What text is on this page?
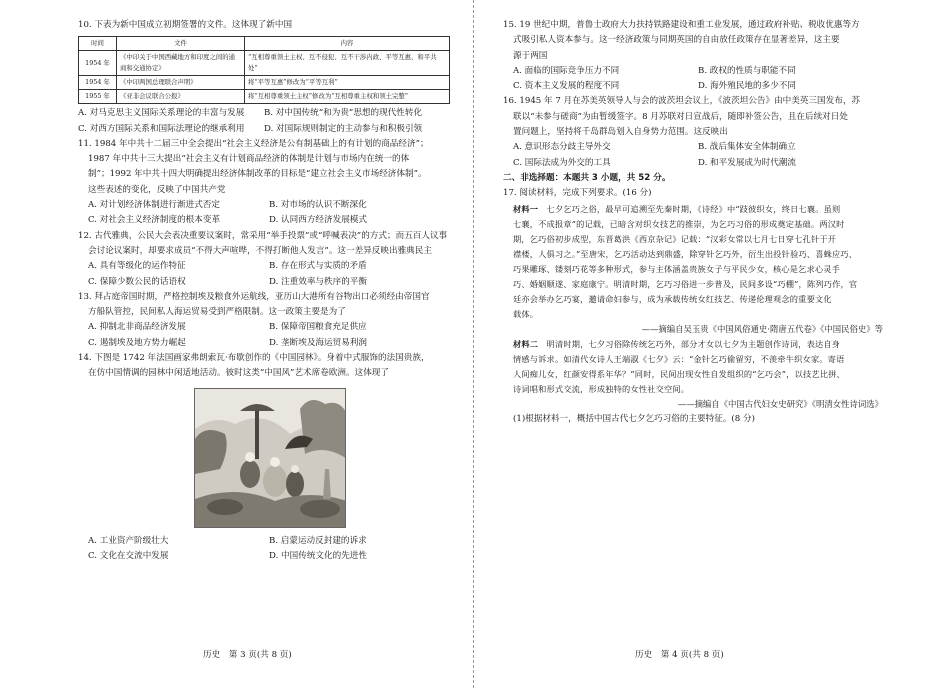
10. 下表为新中国成立初期签署的文件。这体现了新中国
时间	文件	内容
1954 年	《中印关于中国西藏地方和印度之间的通商和交通协定》	“互相尊重领土主权、互不侵犯、互不干涉内政、平等互惠、和平共处”
1954 年	《中印两国总理联合声明》	将“平等互惠”修改为“平等互利”
1955 年	《亚非会议联合公报》	将“互相尊重领土主权”修改为“互相尊重主权和领土完整”
A. 对马克思主义国际关系理论的丰富与发展	B. 对中国传统“和为贵”思想的现代性转化
C. 对西方国际关系和国际法理论的继承利用	D. 对国际规则制定的主动参与和积极引领
11. 1984 年中共十二届三中全会提出“社会主义经济是公有制基础上的有计划的商品经济”；
1987 年中共十三大提出“社会主义有计划商品经济的体制是计划与市场内在统一的体
制”；1992 年中共十四大明确提出经济体制改革的目标是“建立社会主义市场经济体制”。
这些表述的变化，反映了中国共产党
A. 对计划经济体制进行渐进式否定	B. 对市场的认识不断深化
C. 对社会主义经济制度的根本变革	D. 认同西方经济发展模式
12. 古代雅典，公民大会表决重要议案时，常采用“举手投票”或“呼喊表决”的方式；而五百人议事
会讨论议案时，却要求成员“不得大声喧哗，不得打断他人发言”。这一差异反映出雅典民主
A. 具有等级化的运作特征	B. 存在形式与实质的矛盾
C. 保障少数公民的话语权	D. 注重效率与秩序的平衡
13. 拜占庭帝国时期，严格控制埃及粮食外运航线，亚历山大港所有谷物出口必须经由帝国官
方船队管控，民间私人海运贸易受到严格限制。这一政策主要是为了
A. 抑制北非商品经济发展	B. 保障帝国粮食充足供应
C. 遏制埃及地方势力崛起	D. 垄断埃及海运贸易利润
14. 下图是 1742 年法国画家弗朗索瓦·布歇创作的《中国园林》。身着中式服饰的法国贵族，
在仿中国情调的园林中闲适地活动。彼时这类“中国风”艺术席卷欧洲。这体现了
A. 工业资产阶级壮大	B. 启蒙运动反封建的诉求
C. 文化在交流中发展	D. 中国传统文化的先进性
历史　第 3 页(共 8 页)
15. 19 世纪中期，普鲁士政府大力扶持铁路建设和重工业发展，通过政府补贴、税收优惠等方
式吸引私人资本参与。这一经济政策与同期英国的自由放任政策存在显著差异，这主要
源于两国
A. 面临的国际竞争压力不同	B. 政权的性质与职能不同
C. 资本主义发展的程度不同	D. 海外殖民地的多少不同
16. 1945 年 7 月在苏美英领导人与会的波茨坦会议上，《波茨坦公告》由中美英三国发布，苏
联以“未参与磋商”为由暂缓签字。8 月苏联对日宣战后，随即补签公告，且在后续对日处
置问题上，坚持将千岛群岛划入自身势力范围。这反映出
A. 意识形态分歧主导外交	B. 战后集体安全体制确立
C. 国际法成为外交的工具	D. 和平发展成为时代潮流
二、非选择题：本题共 3 小题，共 52 分。
17. 阅读材料，完成下列要求。(16 分)
材料一　七夕乞巧之俗，最早可追溯至先秦时期，《诗经》中“跂彼织女，终日七襄。虽则
七襄，不成报章”的记载，已暗含对织女技艺的推崇，为乞巧习俗的形成奠定基础。两汉时
期，乞巧俗初步成型，东晋葛洪《西京杂记》记载：“汉彩女常以七月七日穿七孔针于开
襟楼，人俱习之。”至唐宋，乞巧活动达到鼎盛，除穿针乞巧外，衍生出投针验巧、喜蛛应巧、
巧果雕琢、镂刻巧花等多种形式，参与主体涵盖贵族女子与平民少女，核心是乞求心灵手
巧、婚姻顺遂、家庭康宁。明清时期，乞巧习俗进一步普及，民间多设“巧棚”，陈列巧作，官
廷亦会举办乞巧宴，邀请命妇参与，成为承载传统女红技艺、传递伦理观念的重要文化
载体。
——摘编自吴玉贵《中国风俗通史·隋唐五代卷》《中国民俗史》等
材料二　明清时期，七夕习俗除传统乞巧外，部分才女以七夕为主题创作诗词，表达自身
情感与诉求。如清代女诗人王端淑《七夕》云：“金针乞巧偷留穷，不羡牵牛织女家。寄语
人间痴儿女，红颜安得系年华？”同时，民间出现女性自发组织的“乞巧会”，以技艺比拼、
诗词唱和形式交流，形成独特的女性社交空间。
——摘编自《中国古代妇女史研究》《明清女性诗词选》
(1)根据材料一，概括中国古代七夕乞巧习俗的主要特征。(8 分)
历史　第 4 页(共 8 页)
